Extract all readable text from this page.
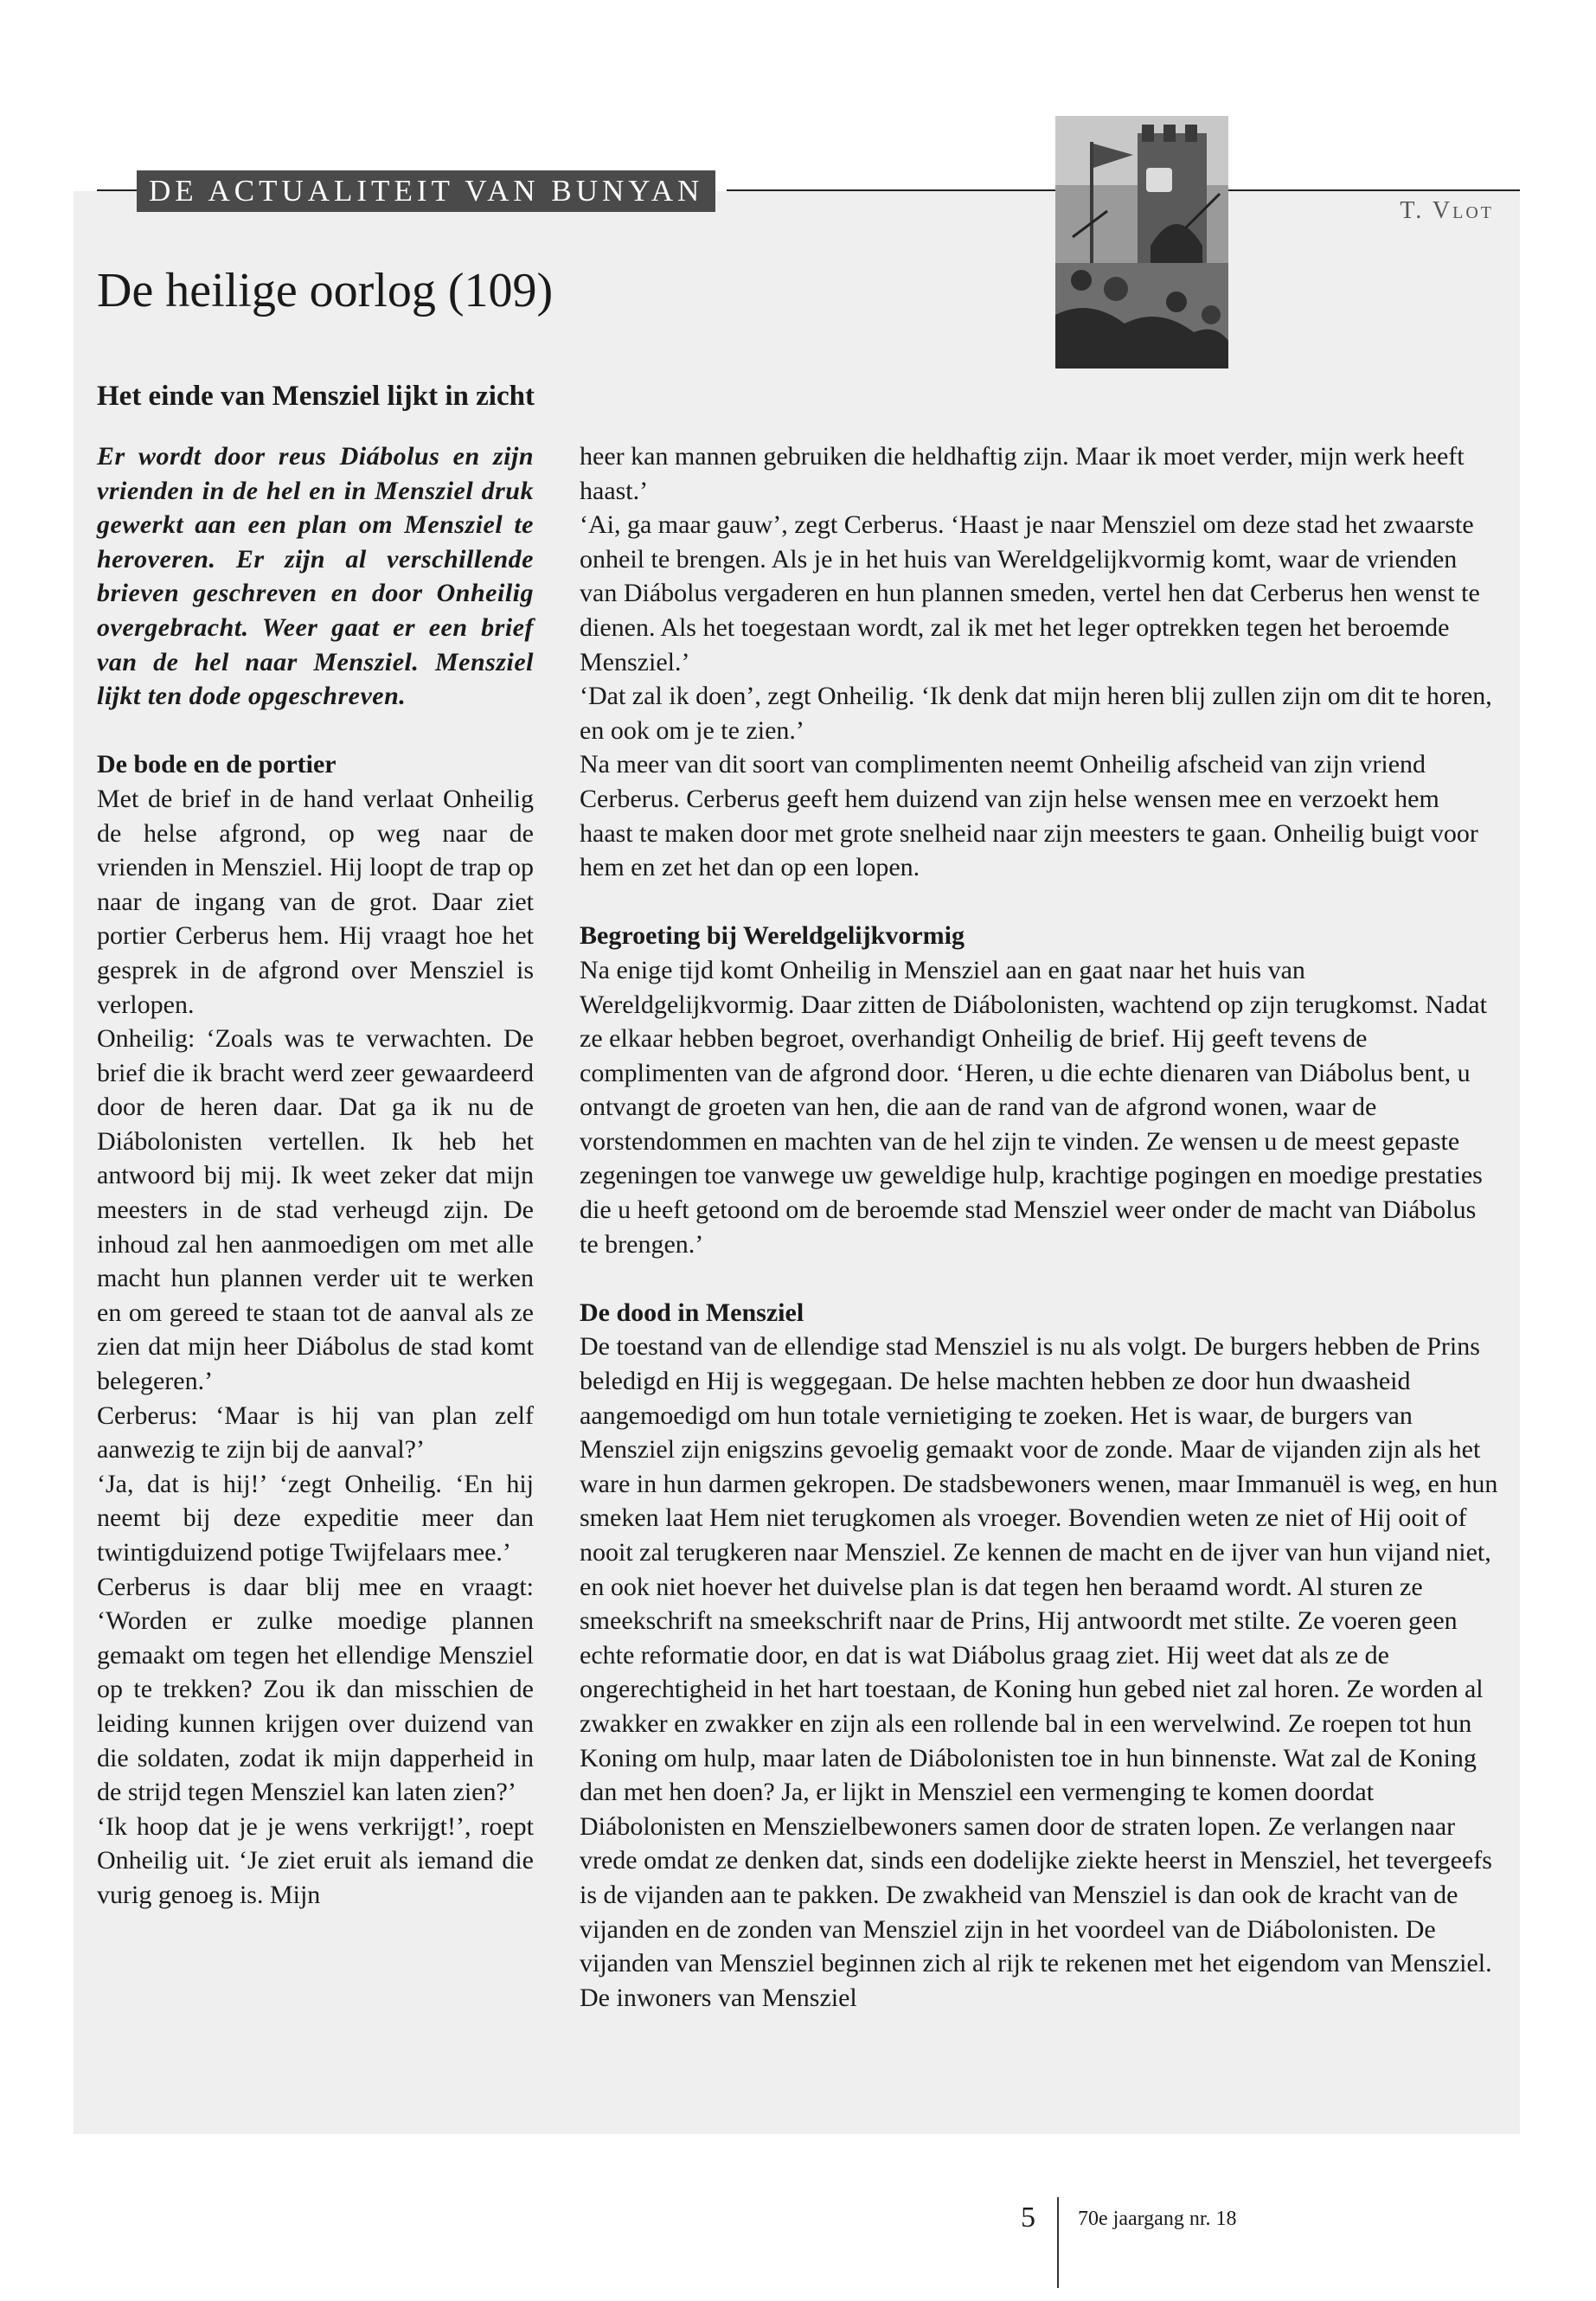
DE ACTUALITEIT VAN BUNYAN
T. Vlot
De heilige oorlog (109)
Het einde van Mensziel lijkt in zicht

Er wordt door reus Diábolus en zijn vrienden in de hel en in Mensziel druk gewerkt aan een plan om Mensziel te heroveren. Er zijn al verschillende brieven geschreven en door Onheilig overgebracht. Weer gaat er een brief van de hel naar Mensziel. Mensziel lijkt ten dode opgeschreven.

De bode en de portier

Met de brief in de hand verlaat Onheilig de helse afgrond, op weg naar de vrienden in Mensziel. Hij loopt de trap op naar de ingang van de grot. Daar ziet portier Cerberus hem. Hij vraagt hoe het gesprek in de afgrond over Mensziel is verlopen.

Onheilig: ‘Zoals was te verwachten. De brief die ik bracht werd zeer gewaardeerd door de heren daar. Dat ga ik nu de Diábolonisten vertellen. Ik heb het antwoord bij mij. Ik weet zeker dat mijn meesters in de stad verheugd zijn. De inhoud zal hen aanmoedigen om met alle macht hun plannen verder uit te werken en om gereed te staan tot de aanval als ze zien dat mijn heer Diábolus de stad komt belegeren.’

Cerberus: ‘Maar is hij van plan zelf aanwezig te zijn bij de aanval?’

‘Ja, dat is hij!’ ‘zegt Onheilig. ‘En hij neemt bij deze expeditie meer dan twintigduizend potige Twijfelaars mee.’

Cerberus is daar blij mee en vraagt: ‘Worden er zulke moedige plannen gemaakt om tegen het ellendige Mensziel op te trekken? Zou ik dan misschien de leiding kunnen krijgen over duizend van die soldaten, zodat ik mijn dapperheid in de strijd tegen Mensziel kan laten zien?’

‘Ik hoop dat je je wens verkrijgt!’, roept Onheilig uit. ‘Je ziet eruit als iemand die vurig genoeg is. Mijn

heer kan mannen gebruiken die heldhaftig zijn. Maar ik moet verder, mijn werk heeft haast.’

‘Ai, ga maar gauw’, zegt Cerberus. ‘Haast je naar Mensziel om deze stad het zwaarste onheil te brengen. Als je in het huis van Wereldgelijkvormig komt, waar de vrienden van Diábolus vergaderen en hun plannen smeden, vertel hen dat Cerberus hen wenst te dienen. Als het toegestaan wordt, zal ik met het leger optrekken tegen het beroemde Mensziel.’

‘Dat zal ik doen’, zegt Onheilig. ‘Ik denk dat mijn heren blij zullen zijn om dit te horen, en ook om je te zien.’

Na meer van dit soort van complimenten neemt Onheilig afscheid van zijn vriend Cerberus. Cerberus geeft hem duizend van zijn helse wensen mee en verzoekt hem haast te maken door met grote snelheid naar zijn meesters te gaan. Onheilig buigt voor hem en zet het dan op een lopen.

Begroeting bij Wereldgelijkvormig

Na enige tijd komt Onheilig in Mensziel aan en gaat naar het huis van Wereldgelijkvormig. Daar zitten de Diábolonisten, wachtend op zijn terugkomst. Nadat ze elkaar hebben begroet, overhandigt Onheilig de brief. Hij geeft tevens de complimenten van de afgrond door. ‘Heren, u die echte dienaren van Diábolus bent, u ontvangt de groeten van hen, die aan de rand van de afgrond wonen, waar de vorstendommen en machten van de hel zijn te vinden. Ze wensen u de meest gepaste zegeningen toe vanwege uw geweldige hulp, krachtige pogingen en moedige prestaties die u heeft getoond om de beroemde stad Mensziel weer onder de macht van Diábolus te brengen.’

De dood in Mensziel

De toestand van de ellendige stad Mensziel is nu als volgt. De burgers hebben de Prins beledigd en Hij is weggegaan. De helse machten hebben ze door hun dwaasheid aangemoedigd om hun totale vernietiging te zoeken. Het is waar, de burgers van Mensziel zijn enigszins gevoelig gemaakt voor de zonde. Maar de vijanden zijn als het ware in hun darmen gekropen. De stadsbewoners wenen, maar Immanuël is weg, en hun smeken laat Hem niet terugkomen als vroeger. Bovendien weten ze niet of Hij ooit of nooit zal terugkeren naar Mensziel. Ze kennen de macht en de ijver van hun vijand niet, en ook niet hoever het duivelse plan is dat tegen hen beraamd wordt. Al sturen ze smeekschrift na smeekschrift naar de Prins, Hij antwoordt met stilte. Ze voeren geen echte reformatie door, en dat is wat Diábolus graag ziet. Hij weet dat als ze de ongerechtigheid in het hart toestaan, de Koning hun gebed niet zal horen. Ze worden al zwakker en zwakker en zijn als een rollende bal in een wervelwind. Ze roepen tot hun Koning om hulp, maar laten de Diábolonisten toe in hun binnenste. Wat zal de Koning dan met hen doen? Ja, er lijkt in Mensziel een vermenging te komen doordat Diábolonisten en Menszielbewoners samen door de straten lopen. Ze verlangen naar vrede omdat ze denken dat, sinds een dodelijke ziekte heerst in Mensziel, het tevergeefs is de vijanden aan te pakken. De zwakheid van Mensziel is dan ook de kracht van de vijanden en de zonden van Mensziel zijn in het voordeel van de Diábolonisten. De vijanden van Mensziel beginnen zich al rijk te rekenen met het eigendom van Mensziel. De inwoners van Mensziel

5 70e jaargang nr. 18
